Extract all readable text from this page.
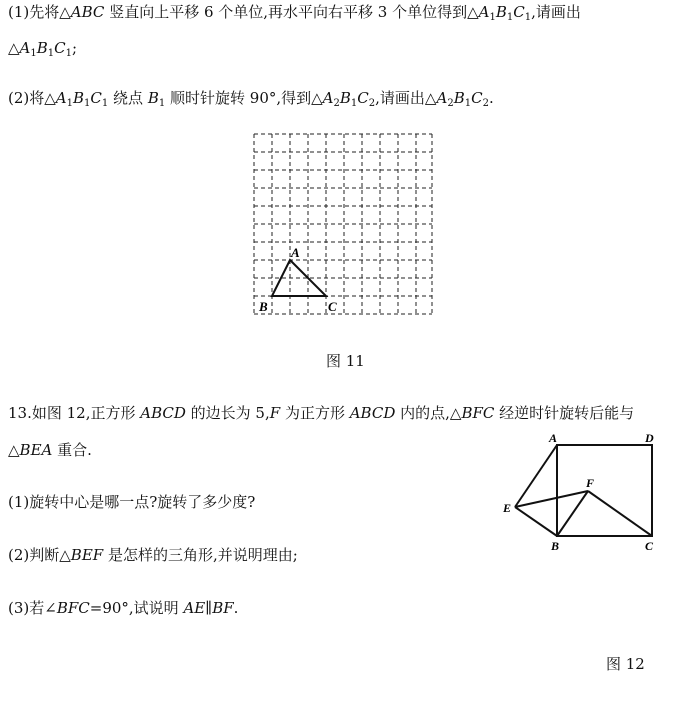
(1)先将△ABC 竖直向上平移 6 个单位,再水平向右平移 3 个单位得到$\triangle A_1B_1C_1$,请画出
$\triangle A_1B_1C_1$;
(2)将$\triangle A_1B_1C_1$ 绕点 $B_1$ 顺时针旋转 90°,得到$\triangle A_2B_1C_2$,请画出$\triangle A_2B_1C_2$.
A
B	C
图 11
13.如图 12,正方形 ABCD 的边长为 5,F 为正方形 ABCD 内的点,△BFC 经逆时针旋转后能与
△BEA 重合.
(1)旋转中心是哪一点?旋转了多少度?
(2)判断△BEF 是怎样的三角形,并说明理由;
(3)若∠BFC=90°,试说明 AE∥BF.
A	D
E
F
B	C
图 12
